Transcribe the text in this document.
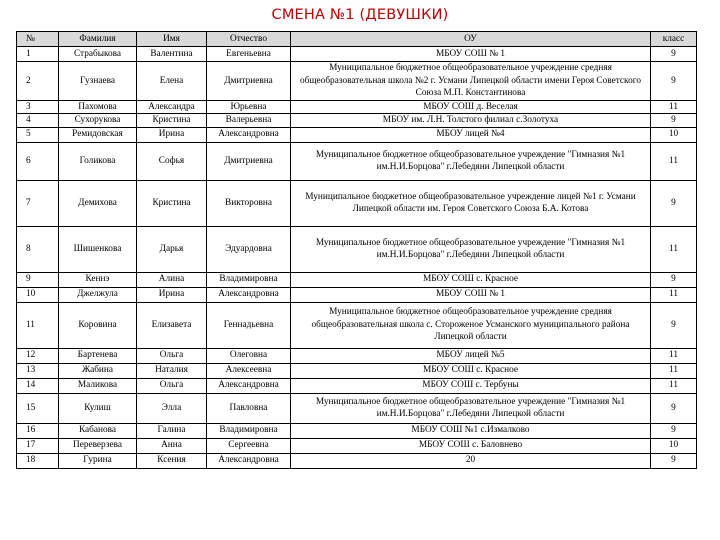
СМЕНА №1 (ДЕВУШКИ)
№	Фамилия	Имя	Отчество	ОУ	класс
1	Страбыкова	Валентина	Евгеньевна	МБОУ СОШ № 1	9
2	Гузнаева	Елена	Дмитриевна	Муниципальное бюджетное общеобразовательное учреждение средняя общеобразовательная школа №2 г. Усмани Липецкой области имени Героя Советского Союза М.П. Константинова	9
3	Пахомова	Александра	Юрьевна	МБОУ СОШ д. Веселая	11
4	Сухорукова	Кристина	Валерьевна	МБОУ им. Л.Н. Толстого филиал с.Золотуха	9
5	Ремидовская	Ирина	Александровна	МБОУ лицей №4	10
6	Голикова	Софья	Дмитриевна	Муниципальное бюджетное общеобразовательное учреждение "Гимназия №1 им.Н.И.Борцова" г.Лебедяни Липецкой области	11
7	Демихова	Кристина	Викторовна	Муниципальное бюджетное общеобразовательное учреждение лицей №1 г. Усмани Липецкой области им. Героя Советского Союза Б.А. Котова	9
8	Шишенкова	Дарья	Эдуардовна	Муниципальное бюджетное общеобразовательное учреждение "Гимназия №1 им.Н.И.Борцова" г.Лебедяни Липецкой области	11
9	Кеннэ	Алина	Владимировна	МБОУ СОШ с. Красное	9
10	Джелжула	Ирина	Александровна	МБОУ СОШ № 1	11
11	Коровина	Елизавета	Геннадьевна	Муниципальное бюджетное общеобразовательное учреждение средняя общеобразовательная школа с. Стороженое Усманского муниципального района Липецкой области	9
12	Бартенева	Ольга	Олеговна	МБОУ лицей №5	11
13	Жабина	Наталия	Алексеевна	МБОУ СОШ с. Красное	11
14	Маликова	Ольга	Александровна	МБОУ СОШ с. Тербуны	11
15	Кулиш	Элла	Павловна	Муниципальное бюджетное общеобразовательное учреждение "Гимназия №1 им.Н.И.Борцова" г.Лебедяни Липецкой области	9
16	Кабанова	Галина	Владимировна	МБОУ СОШ №1 с.Измалково	9
17	Переверзева	Анна	Сергеевна	МБОУ СОШ с. Баловнево	10
18	Гурина	Ксения	Александровна	20	9
